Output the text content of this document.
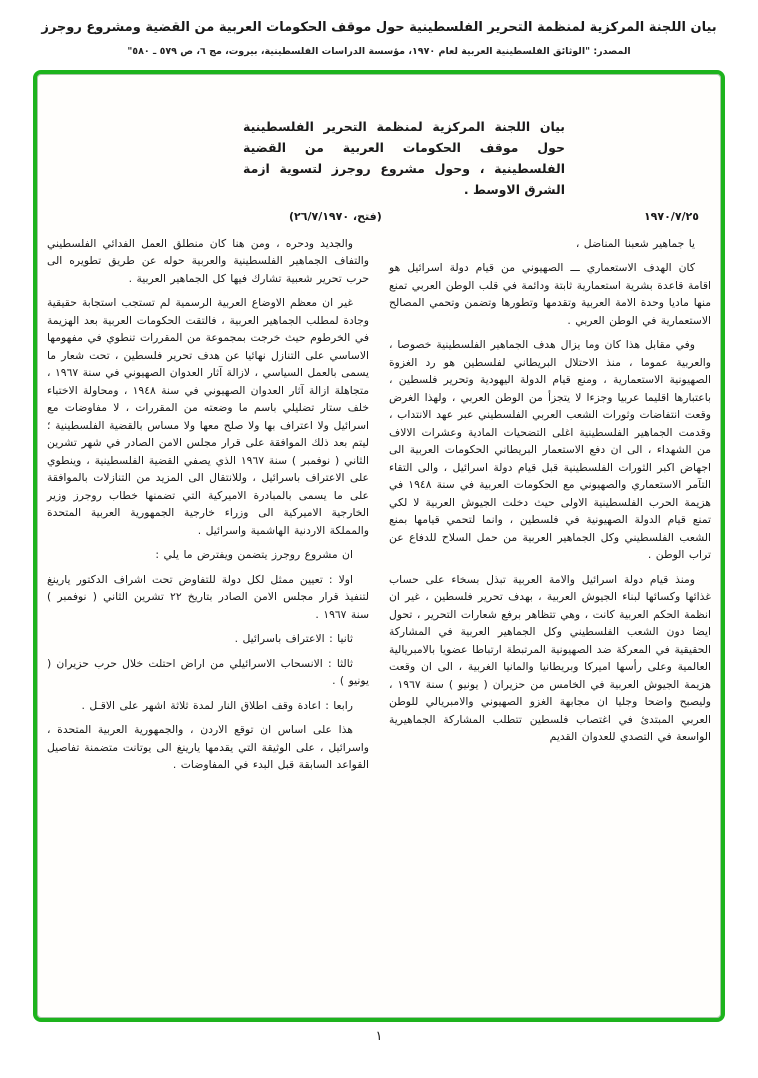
بيان اللجنة المركزية لمنظمة التحرير الفلسطينية حول موقف الحكومات العربية من القضية ومشروع روجرز
المصدر: "الوثائق الفلسطينية العربية لعام ١٩٧٠، مؤسسة الدراسات الفلسطينية، بيروت، مج ٦، ص ٥٧٩ ـ ٥٨٠"
بيان اللجنة المركزية لمنظمة التحرير الفلسطينية حول موقف الحكومات العربية من القضية الفلسطينية ، وحول مشروع روجرز لتسوية ازمة الشرق الاوسط .
١٩٧٠/٧/٢٥
(فتح، ٢٦/٧/١٩٧٠)

يا جماهير شعبنا المناضل ،

كان الهدف الاستعماري ـــ الصهيوني من قيام دولة اسرائيل هو اقامة قاعدة بشرية استعمارية ثابتة ودائمة في قلب الوطن العربي تمنع منها ماديا وحدة الامة العربية وتقدمها وتطورها وتضمن وتحمي المصالح الاستعمارية في الوطن العربي .

وفي مقابل هذا كان وما يزال هدف الجماهير الفلسطينية خصوصا ، والعربية عموما ، منذ الاحتلال البريطاني لفلسطين هو رد الغزوة الصهيونية الاستعمارية ، ومنع قيام الدولة اليهودية وتحرير فلسطين ، باعتبارها اقليما عربيا وجزءا لا يتجزأ من الوطن العربي ، ولهذا الغرض وقعت انتفاضات وثورات الشعب العربي الفلسطيني عبر عهد الانتداب ، وقدمت الجماهير الفلسطينية اغلى التضحيات المادية وعشرات الالاف من الشهداء ، الى ان دفع الاستعمار البريطاني الحكومات العربية الى اجهاض اكبر الثورات الفلسطينية قبل قيام دولة اسرائيل ، والى التقاء التآمر الاستعماري والصهيوني مع الحكومات العربية في سنة ١٩٤٨ في هزيمة الحرب الفلسطينية الاولى حيث دخلت الجيوش العربية لا لكي تمنع قيام الدولة الصهيونية في فلسطين ، وانما لتحمي قيامها بمنع الشعب الفلسطيني وكل الجماهير العربية من حمل السلاح للدفاع عن تراب الوطن .

ومنذ قيام دولة اسرائيل والامة العربية تبذل بسخاء على حساب غذائها وكسائها لبناء الجيوش العربية ، بهدف تحرير فلسطين ، غير ان انظمة الحكم العربية كانت ، وهي تتظاهر برفع شعارات التحرير ، تحول ايضا دون الشعب الفلسطيني وكل الجماهير العربية في المشاركة الحقيقية في المعركة ضد الصهيونية المرتبطة ارتباطا عضويا بالامبريالية العالمية وعلى رأسها اميركا وبريطانيا والمانيا الغربية ، الى ان وقعت هزيمة الجيوش العربية في الخامس من حزيران ( يونيو ) سنة ١٩٦٧ ، وليصبح واضحا وجليا ان مجابهة الغزو الصهيوني والامبريالي للوطن العربي المبتدئ في اغتصاب فلسطين تتطلب المشاركة الجماهيرية الواسعة في التصدي للعدوان القديم

والجديد ودحره ، ومن هنا كان منطلق العمل الفدائي الفلسطيني والتفاف الجماهير الفلسطينية والعربية حوله عن طريق تطويره الى حرب تحرير شعبية تشارك فيها كل الجماهير العربية .

غير ان معظم الاوضاع العربية الرسمية لم تستجب استجابة حقيقية وجادة لمطلب الجماهير العربية ، فالتقت الحكومات العربية بعد الهزيمة في الخرطوم حيث خرجت بمجموعة من المقررات تنطوي في مفهومها الاساسي على التنازل نهائيا عن هدف تحرير فلسطين ، تحت شعار ما يسمى بالعمل السياسي ، لازالة آثار العدوان الصهيوني في سنة ١٩٦٧ ، متجاهلة ازالة آثار العدوان الصهيوني في سنة ١٩٤٨ ، ومحاولة الاختباء خلف ستار تضليلي باسم ما وضعته من المقررات ، لا مفاوضات مع اسرائيل ولا اعتراف بها ولا صلح معها ولا مساس بالقضية الفلسطينية ؛ ليتم بعد ذلك الموافقة على قرار مجلس الامن الصادر في شهر تشرين الثاني ( نوفمبر ) سنة ١٩٦٧ الذي يصفي القضية الفلسطينية ، وينطوي على الاعتراف باسرائيل ، وللانتقال الى المزيد من التنازلات بالموافقة على ما يسمى بالمبادرة الاميركية التي تضمنها خطاب روجرز وزير الخارجية الاميركية الى وزراء خارجية الجمهورية العربية المتحدة والمملكة الاردنية الهاشمية واسرائيل .

ان مشروع روجرز يتضمن ويفترض ما يلي :

اولا : تعيين ممثل لكل دولة للتفاوض تحت اشراف الدكتور يارينغ لتنفيذ قرار مجلس الامن الصادر بتاريخ ٢٢ تشرين الثاني ( نوفمبر ) سنة ١٩٦٧ .

ثانيا : الاعتراف باسرائيل .

ثالثا : الانسحاب الاسرائيلي من اراض احتلت خلال حرب حزيران ( يونيو ) .

رابعا : اعادة وقف اطلاق النار لمدة ثلاثة اشهر على الاقـل .

هذا على اساس ان توقع الاردن ، والجمهورية العربية المتحدة ، واسرائيل ، على الوثيقة التي يقدمها يارينغ الى يوتانت متضمنة تفاصيل القواعد السابقة قبل البدء في المفاوضات .

١
